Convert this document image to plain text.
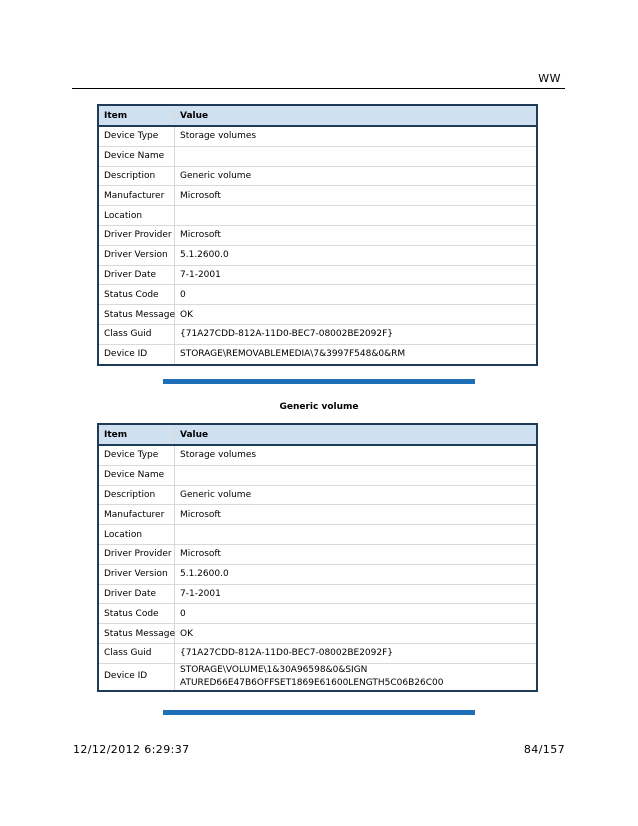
WW
Item	Value
Device Type	Storage volumes
Device Name	
Description	Generic volume
Manufacturer	Microsoft
Location	
Driver Provider	Microsoft
Driver Version	5.1.2600.0
Driver Date	7-1-2001
Status Code	0
Status Message	OK
Class Guid	{71A27CDD-812A-11D0-BEC7-08002BE2092F}
Device ID	STORAGE\REMOVABLEMEDIA\7&3997F548&0&RM
Generic volume
Item	Value
Device Type	Storage volumes
Device Name	
Description	Generic volume
Manufacturer	Microsoft
Location	
Driver Provider	Microsoft
Driver Version	5.1.2600.0
Driver Date	7-1-2001
Status Code	0
Status Message	OK
Class Guid	{71A27CDD-812A-11D0-BEC7-08002BE2092F}
Device ID	STORAGE\VOLUME\1&30A96598&0&SIGN ATURED66E47B6OFFSET1869E61600LENGTH5C06B26C00
12/12/2012 6:29:37	84/157
